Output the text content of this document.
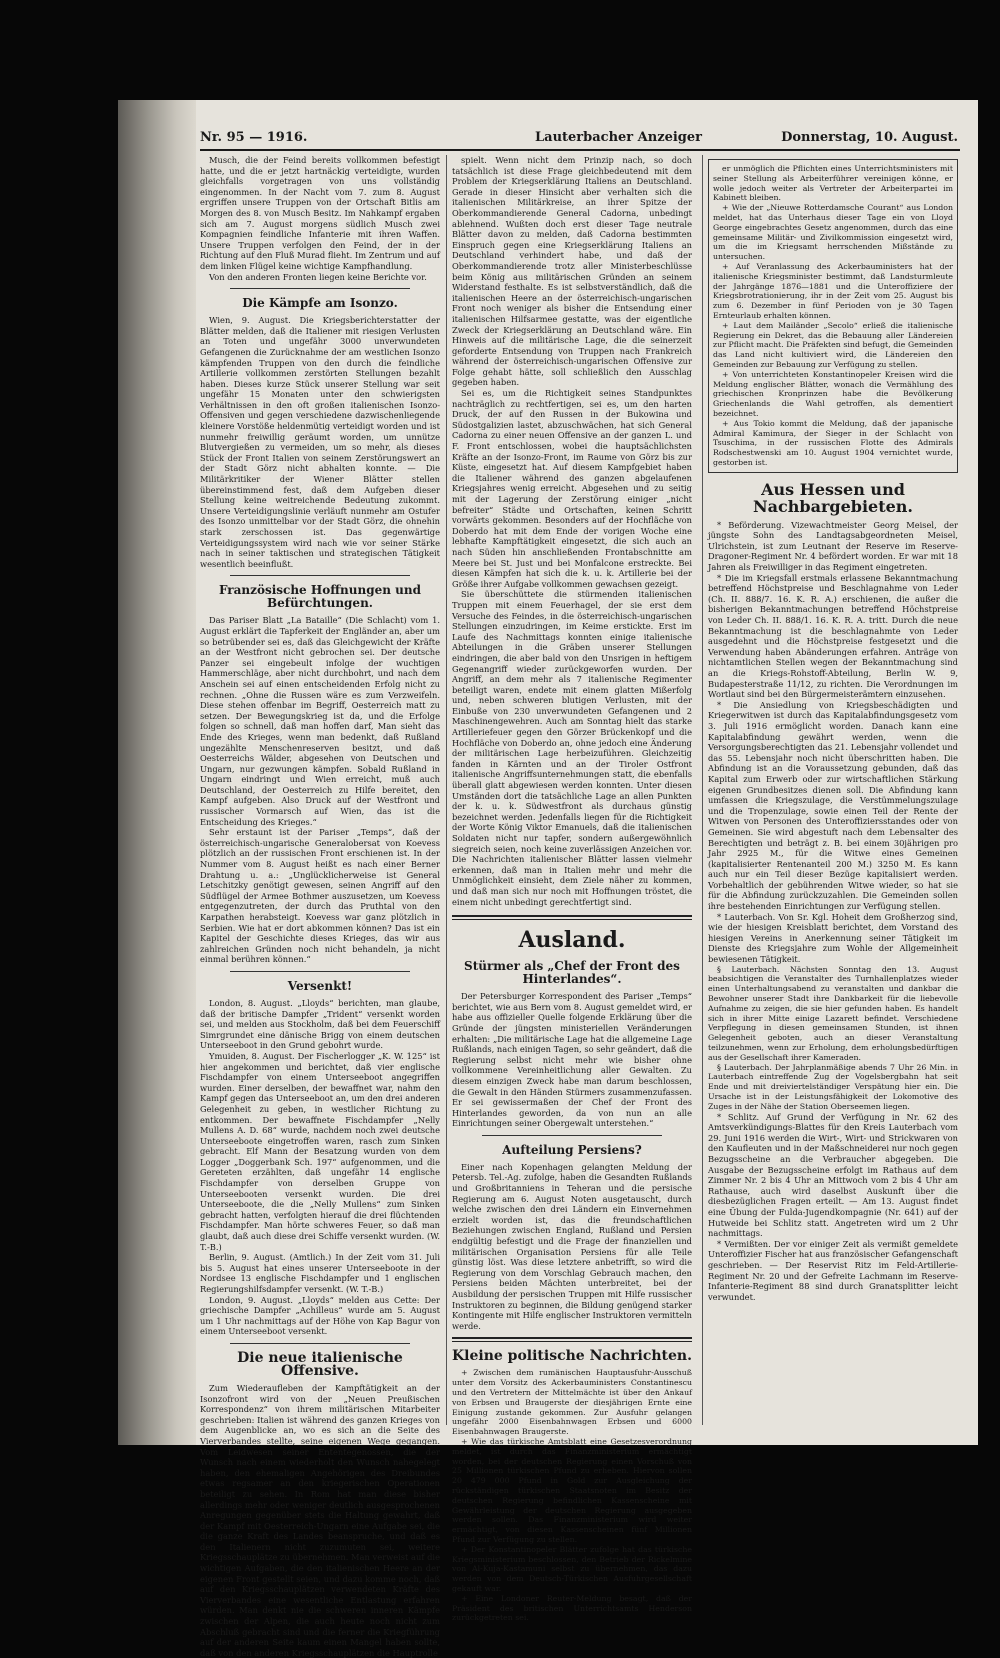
Nr. 95 — 1916.	Lauterbacher Anzeiger	Donnerstag, 10. August.

Musch, die der Feind bereits vollkommen befestigt hatte, und die er jetzt hartnäckig verteidigte, wurden gleichfalls vorgetragen von uns vollständig eingenommen. In der Nacht vom 7. zum 8. August ergriffen unsere Truppen von der Ortschaft Bitlis am Morgen des 8. von Musch Besitz. Im Nahkampf ergaben sich am 7. August morgens südlich Musch zwei Kompagnien feindliche Infanterie mit ihren Waffen. Unsere Truppen verfolgen den Feind, der in der Richtung auf den Fluß Murad flieht. Im Zentrum und auf dem linken Flügel keine wichtige Kampfhandlung.

Von den anderen Fronten liegen keine Berichte vor.

Die Kämpfe am Isonzo.

Wien, 9. August. Die Kriegsberichterstatter der Blätter melden, daß die Italiener mit riesigen Verlusten an Toten und ungefähr 3000 unverwundeten Gefangenen die Zurücknahme der am westlichen Isonzo kämpfenden Truppen von den durch die feindliche Artillerie vollkommen zerstörten Stellungen bezahlt haben. Dieses kurze Stück unserer Stellung war seit ungefähr 15 Monaten unter den schwierigsten Verhältnissen in den oft großen italienischen Isonzo-Offensiven und gegen verschiedene dazwischenliegende kleinere Vorstöße heldenmütig verteidigt worden und ist nunmehr freiwillig geräumt worden, um unnütze Blutvergießen zu vermeiden, um so mehr, als dieses Stück der Front Italien von seinem Zerstörungswert an der Stadt Görz nicht abhalten konnte. — Die Militärkritiker der Wiener Blätter stellen übereinstimmend fest, daß dem Aufgeben dieser Stellung keine weitreichende Bedeutung zukommt. Unsere Verteidigungslinie verläuft nunmehr am Ostufer des Isonzo unmittelbar vor der Stadt Görz, die ohnehin stark zerschossen ist. Das gegenwärtige Verteidigungssystem wird nach wie vor seiner Stärke nach in seiner taktischen und strategischen Tätigkeit wesentlich beeinflußt.

Französische Hoffnungen und Befürchtungen.

Das Pariser Blatt „La Bataille“ (Die Schlacht) vom 1. August erklärt die Tapferkeit der Engländer an, aber um so betrübender sei es, daß das Gleichgewicht der Kräfte an der Westfront nicht gebrochen sei. Der deutsche Panzer sei eingebeult infolge der wuchtigen Hammerschläge, aber nicht durchbohrt, und nach dem Anschein sei auf einen entscheidenden Erfolg nicht zu rechnen. „Ohne die Russen wäre es zum Verzweifeln. Diese stehen offenbar im Begriff, Oesterreich matt zu setzen. Der Bewegungskrieg ist da, und die Erfolge folgen so schnell, daß man hoffen darf, Man sieht das Ende des Krieges, wenn man bedenkt, daß Rußland ungezählte Menschenreserven besitzt, und daß Oesterreichs Wälder, abgesehen von Deutschen und Ungarn, nur gezwungen kämpfen. Sobald Rußland in Ungarn eindringt und Wien erreicht, muß auch Deutschland, der Oesterreich zu Hilfe bereitet, den Kampf aufgeben. Also Druck auf der Westfront und russischer Vormarsch auf Wien, das ist die Entscheidung des Krieges.“

Sehr erstaunt ist der Pariser „Temps“, daß der österreichisch-ungarische Generalobersat von Koevess plötzlich an der russischen Front erschienen ist. In der Nummer vom 8. August heißt es nach einer Berner Drahtung u. a.: „Unglücklicherweise ist General Letschitzky genötigt gewesen, seinen Angriff auf den Südflügel der Armee Bothmer auszusetzen, um Koevess entgegenzutreten, der durch das Pruthtal von den Karpathen herabsteigt. Koevess war ganz plötzlich in Serbien. Wie hat er dort abkommen können? Das ist ein Kapitel der Geschichte dieses Krieges, das wir aus zahlreichen Gründen noch nicht behandeln, ja nicht einmal berühren können.“

Versenkt!

London, 8. August. „Lloyds“ berichten, man glaube, daß der britische Dampfer „Trident“ versenkt worden sei, und melden aus Stockholm, daß bei dem Feuerschiff Simrgrundet eine dänische Brigg von einem deutschen Unterseeboot in den Grund gebohrt wurde.

Ymuiden, 8. August. Der Fischerlogger „K. W. 125“ ist hier angekommen und berichtet, daß vier englische Fischdampfer von einem Unterseeboot angegriffen wurden. Einer derselben, der bewaffnet war, nahm den Kampf gegen das Unterseeboot an, um den drei anderen Gelegenheit zu geben, in westlicher Richtung zu entkommen. Der bewaffnete Fischdampfer „Nelly Mullens A. D. 68“ wurde, nachdem noch zwei deutsche Unterseeboote eingetroffen waren, rasch zum Sinken gebracht. Elf Mann der Besatzung wurden von dem Logger „Doggerbank Sch. 197“ aufgenommen, und die Gereteten erzählten, daß ungefähr 14 englische Fischdampfer von derselben Gruppe von Unterseebooten versenkt wurden. Die drei Unterseeboote, die die „Nelly Mullens“ zum Sinken gebracht hatten, verfolgten hierauf die drei flüchtenden Fischdampfer. Man hörte schweres Feuer, so daß man glaubt, daß auch diese drei Schiffe versenkt wurden. (W. T.-B.)

Berlin, 9. August. (Amtlich.) In der Zeit vom 31. Juli bis 5. August hat eines unserer Unterseeboote in der Nordsee 13 englische Fischdampfer und 1 englischen Regierungshilfsdampfer versenkt. (W. T.-B.)

London, 9. August. „Lloyds“ melden aus Cette: Der griechische Dampfer „Achilleus“ wurde am 5. August um 1 Uhr nachmittags auf der Höhe von Kap Bagur von einem Unterseeboot versenkt.

Die neue italienische Offensive.

Zum Wiederaufleben der Kampftätigkeit an der Isonzofront wird von der „Neuen Preußischen Korrespondenz“ von ihrem militärischen Mitarbeiter geschrieben: Italien ist während des ganzen Krieges von dem Augenblicke an, wo es sich an die Seite des Vierverbandes stellte, seine eigenen Wege gegangen. Vom Leidwesen seiner Ententegenossen, die der Wunsch nach einem wiederholt den Wunsch nahegelegt haben, den ehemaligen Angehörigen des Dreibundes etwas regsamer an den kriegerischen Operationen beteiligt zu sehen. In Rom hat man diese bisher allerdings mehr oder weniger deutlich ausgesprochenen Anregungen gegenüber stets die Haltung gewahrt, daß der Kampf mit Oesterreich-Ungarn eine Aufgabe sei, die die ganze Kraft des Landes beanspruche, und daß es den Italienern nicht zuzumuten sei, weitere Kriegsschauplätze zu übernehmen. Man verweist auf die wichtigen Aufgaben, die den italienischen Heere an der eigenen Front gestellt seien, und dazu komme noch, daß auf den Kriegsschauplätzen verwendeten Kräfte des Vierverbandes eine wesentliche Entlastung erfahren würden. Man denkt nie die schweren inneren Kämpfe zwischen der Alpen, die auch heute noch nicht zum Abschluß gebracht sind und die ferner die Kriegführung auf der anderen Seite kaum einen Mangel haben sollte, daß von den anderen Kriegsschauplätzen die Hauptrolle

spielt. Wenn nicht dem Prinzip nach, so doch tatsächlich ist diese Frage gleichbedeutend mit dem Problem der Kriegserklärung Italiens an Deutschland. Gerade in dieser Hinsicht aber verhalten sich die italienischen Militärkreise, an ihrer Spitze der Oberkommandierende General Cadorna, unbedingt ablehnend. Wußten doch erst dieser Tage neutrale Blätter davon zu melden, daß Cadorna bestimmten Einspruch gegen eine Kriegserklärung Italiens an Deutschland verhindert habe, und daß der Oberkommandierende trotz aller Ministerbeschlüsse beim König aus militärischen Gründen an seinem Widerstand festhalte. Es ist selbstverständlich, daß die italienischen Heere an der österreichisch-ungarischen Front noch weniger als bisher die Entsendung einer italienischen Hilfsarmee gestatte, was der eigentliche Zweck der Kriegserklärung an Deutschland wäre. Ein Hinweis auf die militärische Lage, die die seinerzeit geforderte Entsendung von Truppen nach Frankreich während der österreichisch-ungarischen Offensive zur Folge gehabt hätte, soll schließlich den Ausschlag gegeben haben.

Sei es, um die Richtigkeit seines Standpunktes nachträglich zu rechtfertigen, sei es, um den harten Druck, der auf den Russen in der Bukowina und Südostgalizien lastet, abzuschwächen, hat sich General Cadorna zu einer neuen Offensive an der ganzen L. und F. Front entschlossen, wobei die hauptsächlichsten Kräfte an der Isonzo-Front, im Raume von Görz bis zur Küste, eingesetzt hat. Auf diesem Kampfgebiet haben die Italiener während des ganzen abgelaufenen Kriegsjahres wenig erreicht. Abgesehen und zu seitig mit der Lagerung der Zerstörung einiger „nicht befreiter“ Städte und Ortschaften, keinen Schritt vorwärts gekommen. Besonders auf der Hochfläche von Doberdo hat mit dem Ende der vorigen Woche eine lebhafte Kampftätigkeit eingesetzt, die sich auch an nach Süden hin anschließenden Frontabschnitte am Meere bei St. Just und bei Monfalcone erstreckte. Bei diesen Kämpfen hat sich die k. u. k. Artillerie bei der Größe ihrer Aufgabe vollkommen gewachsen gezeigt.

Sie überschüttete die stürmenden italienischen Truppen mit einem Feuerhagel, der sie erst dem Versuche des Feindes, in die österreichisch-ungarischen Stellungen einzudringen, im Keime erstickte. Erst im Laufe des Nachmittags konnten einige italienische Abteilungen in die Gräben unserer Stellungen eindringen, die aber bald von den Unsrigen in heftigem Gegenangriff wieder zurückgeworfen wurden. Der Angriff, an dem mehr als 7 italienische Regimenter beteiligt waren, endete mit einem glatten Mißerfolg und, neben schweren blutigen Verlusten, mit der Einbuße von 230 unverwundeten Gefangenen und 2 Maschinengewehren. Auch am Sonntag hielt das starke Artilleriefeuer gegen den Görzer Brückenkopf und die Hochfläche von Doberdo an, ohne jedoch eine Änderung der militärischen Lage herbeizuführen. Gleichzeitig fanden in Kärnten und an der Tiroler Ostfront italienische Angriffsunternehmungen statt, die ebenfalls überall glatt abgewiesen werden konnten. Unter diesen Umständen dort die tatsächliche Lage an allen Punkten der k. u. k. Südwestfront als durchaus günstig bezeichnet werden. Jedenfalls liegen für die Richtigkeit der Worte König Viktor Emanuels, daß die italienischen Soldaten nicht nur tapfer, sondern außergewöhnlich siegreich seien, noch keine zuverlässigen Anzeichen vor. Die Nachrichten italienischer Blätter lassen vielmehr erkennen, daß man in Italien mehr und mehr die Unmöglichkeit einsieht, dem Ziele näher zu kommen, und daß man sich nur noch mit Hoffnungen tröstet, die einem nicht unbedingt gerechtfertigt sind.

Ausland.
Stürmer als „Chef der Front des Hinterlandes“.

Der Petersburger Korrespondent des Pariser „Temps“ berichtet, wie aus Bern vom 8. August gemeldet wird, er habe aus offizieller Quelle folgende Erklärung über die Gründe der jüngsten ministeriellen Veränderungen erhalten: „Die militärische Lage hat die allgemeine Lage Rußlands, nach einigen Tagen, so sehr geändert, daß die Regierung selbst nicht mehr wie bisher ohne vollkommene Vereinheitlichung aller Gewalten. Zu diesem einzigen Zweck habe man darum beschlossen, die Gewalt in den Händen Stürmers zusammenzufassen. Er sei gewissermaßen der Chef der Front des Hinterlandes geworden, da von nun an alle Einrichtungen seiner Obergewalt unterstehen.“

Aufteilung Persiens?

Einer nach Kopenhagen gelangten Meldung der Petersb. Tel.-Ag. zufolge, haben die Gesandten Rußlands und Großbritanniens in Teheran und die persische Regierung am 6. August Noten ausgetauscht, durch welche zwischen den drei Ländern ein Einvernehmen erzielt worden ist, das die freundschaftlichen Beziehungen zwischen England, Rußland und Persien endgültig befestigt und die Frage der finanziellen und militärischen Organisation Persiens für alle Teile günstig löst. Was diese letztere anbetrifft, so wird die Regierung von dem Vorschlag Gebrauch machen, den Persiens beiden Mächten unterbreitet, bei der Ausbildung der persischen Truppen mit Hilfe russischer Instruktoren zu beginnen, die Bildung genügend starker Kontingente mit Hilfe englischer Instruktoren vermitteln werde.

Kleine politische Nachrichten.

+ Zwischen dem rumänischen Hauptausfuhr-Ausschuß unter dem Vorsitz des Ackerbauministers Constantinescu und den Vertretern der Mittelmächte ist über den Ankauf von Erbsen und Braugerste der diesjährigen Ernte eine Einigung zustande gekommen. Zur Ausfuhr gelangen ungefähr 2000 Eisenbahnwagen Erbsen und 6000 Eisenbahnwagen Braugerste.

+ Wie das türkische Amtsblatt eine Gesetzesverordnung meldet, ist durch das Finanzministerium ermächtigt worden, bei der deutschen Regierung einen Vorschuß von 25 Millionen türkischen Pfund zu erheben. Hiervon sollen 20 479 000 Pfund in Gold zur Ausgleichung der rückständigen türkischen Staatsnoten im Besitz der deutschen Regierung befindlichen Kassenscheine mit Gewährleistung der deutschen Regierung ausgegeben werden sollen. Das Finanzministerium wird weiter ermächtigt, von diesen Kassenscheinen fünf Millionen Pfund zur Verfügung zu stellen.

+ Der Konstantinopeler Blätter zufolge hat das türkische Kriegsministerium beschlossen, den Betrieb der Rickelmine von Al-Kuja-Kastamuni selbst zu übernehmen, das dazu werden von dem Deutsch-Türkischen Ausfuhrgesellschaft gekauft war.

+ Eine Londoner Reuter-Meldung besagt, daß der Präsident des britischen Unterrichtsamts Henderson zurückgetreten sei.

er unmöglich die Pflichten eines Unterrichtsministers mit seiner Stellung als Arbeiterführer vereinigen könne, er wolle jedoch weiter als Vertreter der Arbeiterpartei im Kabinett bleiben.

+ Wie der „Nieuwe Rotterdamsche Courant“ aus London meldet, hat das Unterhaus dieser Tage ein von Lloyd George eingebrachtes Gesetz angenommen, durch das eine gemeinsame Militär- und Zivilkommission eingesetzt wird, um die im Kriegsamt herrschenden Mißstände zu untersuchen.

+ Auf Veranlassung des Ackerbauministers hat der italienische Kriegsminister bestimmt, daß Landsturmleute der Jahrgänge 1876—1881 und die Unteroffiziere der Kriegsbrotrationierung, ihr in der Zeit vom 25. August bis zum 6. Dezember in fünf Perioden von je 30 Tagen Ernteurlaub erhalten können.

+ Laut dem Mailänder „Secolo“ erließ die italienische Regierung ein Dekret, das die Bebauung aller Ländereien zur Pflicht macht. Die Präfekten sind befugt, die Gemeinden das Land nicht kultiviert wird, die Ländereien den Gemeinden zur Bebauung zur Verfügung zu stellen.

+ Von unterrichteten Konstantinopeler Kreisen wird die Meldung englischer Blätter, wonach die Vermählung des griechischen Kronprinzen habe die Bevölkerung Griechenlands die Wahl getroffen, als dementiert bezeichnet.

+ Aus Tokio kommt die Meldung, daß der japanische Admiral Kamimura, der Sieger in der Schlacht von Tsuschima, in der russischen Flotte des Admirals Rodschestwenski am 10. August 1904 vernichtet wurde, gestorben ist.

Aus Hessen und Nachbargebieten.

* Beförderung. Vizewachtmeister Georg Meisel, der jüngste Sohn des Landtagsabgeordneten Meisel, Ulrichstein, ist zum Leutnant der Reserve im Reserve-Dragoner-Regiment Nr. 4 befördert worden. Er war mit 18 Jahren als Freiwilliger in das Regiment eingetreten.

* Die im Kriegsfall erstmals erlassene Bekanntmachung betreffend Höchstpreise und Beschlagnahme von Leder (Ch. II. 888/7. 16. K. R. A.) erschienen, die außer die bisherigen Bekanntmachungen betreffend Höchstpreise von Leder Ch. II. 888/1. 16. K. R. A. tritt. Durch die neue Bekanntmachung ist die beschlagnahmte von Leder ausgedehnt und die Höchstpreise festgesetzt und die Verwendung haben Abänderungen erfahren. Anträge von nichtamtlichen Stellen wegen der Bekanntmachung sind an die Kriegs-Rohstoff-Abteilung, Berlin W. 9, Budapesterstraße 11/12, zu richten. Die Verordnungen im Wortlaut sind bei den Bürgermeisterämtern einzusehen.

* Die Ansiedlung von Kriegsbeschädigten und Kriegerwitwen ist durch das Kapitalabfindungsgesetz vom 3. Juli 1916 ermöglicht worden. Danach kann eine Kapitalabfindung gewährt werden, wenn die Versorgungsberechtigten das 21. Lebensjahr vollendet und das 55. Lebensjahr noch nicht überschritten haben. Die Abfindung ist an die Voraussetzung gebunden, daß das Kapital zum Erwerb oder zur wirtschaftlichen Stärkung eigenen Grundbesitzes dienen soll. Die Abfindung kann umfassen die Kriegszulage, die Verstümmelungszulage und die Tropenzulage, sowie einen Teil der Rente der Witwen von Personen des Unteroffiziersstandes oder von Gemeinen. Sie wird abgestuft nach dem Lebensalter des Berechtigten und beträgt z. B. bei einem 30jährigen pro Jahr 2925 M., für die Witwe eines Gemeinen (kapitalisierter Rentenanteil 200 M.) 3250 M. Es kann auch nur ein Teil dieser Bezüge kapitalisiert werden. Vorbehaltlich der gebührenden Witwe wieder, so hat sie für die Abfindung zurückzuzahlen. Die Gemeinden sollen ihre bestehenden Einrichtungen zur Verfügung stellen.

* Lauterbach. Von Sr. Kgl. Hoheit dem Großherzog sind, wie der hiesigen Kreisblatt berichtet, dem Vorstand des hiesigen Vereins in Anerkennung seiner Tätigkeit im Dienste des Kriegsjahre zum Wohle der Allgemeinheit bewiesenen Tätigkeit.

§ Lauterbach. Nächsten Sonntag den 13. August beabsichtigen die Veranstalter des Turnhallenplatzes wieder einen Unterhaltungsabend zu veranstalten und dankbar die Bewohner unserer Stadt ihre Dankbarkeit für die liebevolle Aufnahme zu zeigen, die sie hier gefunden haben. Es handelt sich in ihrer Mitte einige Lazarett befindet. Verschiedene Verpflegung in diesen gemeinsamen Stunden, ist ihnen Gelegenheit geboten, auch an dieser Veranstaltung teilzunehmen, wenn zur Erholung, dem erholungsbedürftigen aus der Gesellschaft ihrer Kameraden.

§ Lauterbach. Der Jahrplanmäßige abends 7 Uhr 26 Min. in Lauterbach eintreffende Zug der Vogelsbergbahn hat seit Ende und mit dreiviertelständiger Verspätung hier ein. Die Ursache ist in der Leistungsfähigkeit der Lokomotive des Zuges in der Nähe der Station Oberseemen liegen.

* Schlitz. Auf Grund der Verfügung in Nr. 62 des Amtsverkündigungs-Blattes für den Kreis Lauterbach vom 29. Juni 1916 werden die Wirt-, Wirt- und Strickwaren von den Kaufleuten und in der Maßschneiderei nur noch gegen Bezugsscheine an die Verbraucher abgegeben. Die Ausgabe der Bezugsscheine erfolgt im Rathaus auf dem Zimmer Nr. 2 bis 4 Uhr an Mittwoch vom 2 bis 4 Uhr am Rathause, auch wird daselbst Auskunft über die diesbezüglichen Fragen erteilt. — Am 13. August findet eine Übung der Fulda-Jugendkompagnie (Nr. 641) auf der Hutweide bei Schlitz statt. Angetreten wird um 2 Uhr nachmittags.

* Vermißten. Der vor einiger Zeit als vermißt gemeldete Unteroffizier Fischer hat aus französischer Gefangenschaft geschrieben. — Der Reservist Ritz im Feld-Artillerie-Regiment Nr. 20 und der Gefreite Lachmann im Reserve-Infanterie-Regiment 88 sind durch Granatsplitter leicht verwundet.
